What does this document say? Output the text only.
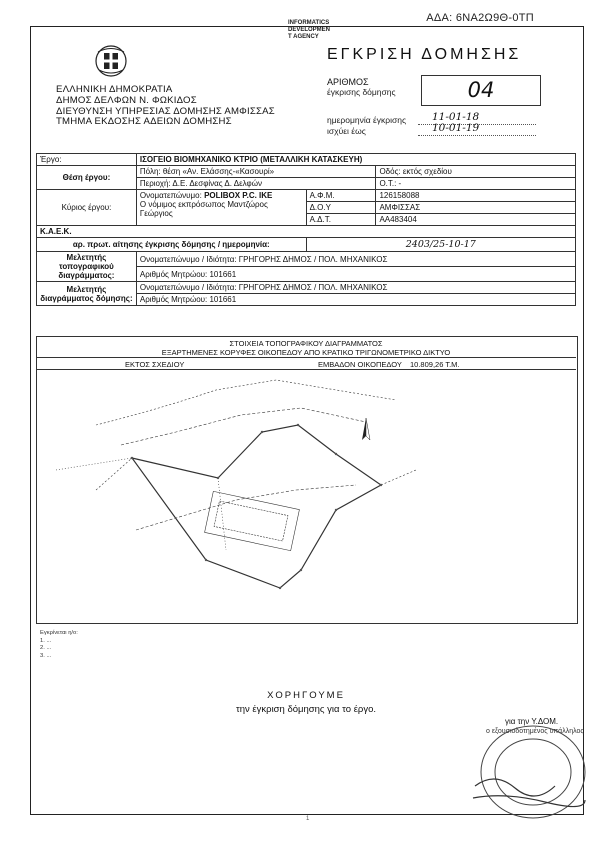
ΑΔΑ: 6ΝΑ2Ω9Θ-0ΤΠ
INFORMATICS
DEVELOPMEN
T AGENCY
ΕΛΛΗΝΙΚΗ ΔΗΜΟΚΡΑΤΙΑ
ΔΗΜΟΣ ΔΕΛΦΩΝ Ν. ΦΩΚΙΔΟΣ
ΔΙΕΥΘΥΝΣΗ ΥΠΗΡΕΣΙΑΣ ΔΟΜΗΣΗΣ ΑΜΦΙΣΣΑΣ
ΤΜΗΜΑ ΕΚΔΟΣΗΣ ΑΔΕΙΩΝ ΔΟΜΗΣΗΣ
ΕΓΚΡΙΣΗ ΔΟΜΗΣΗΣ
ΑΡΙΘΜΟΣ
έγκρισης δόμησης	04
ημερομηνία έγκρισης 11-01-18
ισχύει έως	10-01-19
Έργο:	ΙΣΟΓΕΙΟ ΒΙΟΜΗΧΑΝΙΚΟ ΚΤΡΙΟ (ΜΕΤΑΛΛΙΚΗ ΚΑΤΑΣΚΕΥΗ)		
Θέση έργου:	Πόλη: θέση «Αν. Ελάσσης-«Κασουρί»		Οδός: εκτός σχεδίου
	Περιοχή: Δ.Ε. Δεσφίνας Δ. Δελφών		Ο.Τ.: -
Κύριος έργου:	Ονοματεπώνυμο: POLIBOX P.C. IKE
Ο νόμιμος εκπρόσωπος Μαντζώρος Γεώργιος	Α.Φ.Μ.	126158088
		Δ.Ο.Υ	ΑΜΦΙΣΣΑΣ
		Α.Δ.Τ.	ΑΑ483404
Κ.Α.Ε.Κ.			
αρ. πρωτ. αίτησης έγκρισης δόμησης / ημερομηνία:		2403/25-10-17	
Μελετητής τοπογραφικού διαγράμματος:	Ονοματεπώνυμο / Ιδιότητα: ΓΡΗΓΟΡΗΣ ΔΗΜΟΣ / ΠΟΛ. ΜΗΧΑΝΙΚΟΣ		
	Αριθμός Μητρώου: 101661		
Μελετητής διαγράμματος δόμησης:	Ονοματεπώνυμο / Ιδιότητα: ΓΡΗΓΟΡΗΣ ΔΗΜΟΣ / ΠΟΛ. ΜΗΧΑΝΙΚΟΣ		
	Αριθμός Μητρώου: 101661		
ΣΤΟΙΧΕΙΑ ΤΟΠΟΓΡΑΦΙΚΟΥ ΔΙΑΓΡΑΜΜΑΤΟΣ
ΕΞΑΡΤΗΜΕΝΕΣ ΚΟΡΥΦΕΣ ΟΙΚΟΠΕΔΟΥ ΑΠΟ ΚΡΑΤΙΚΟ ΤΡΙΓΩΝΟΜΕΤΡΙΚΟ ΔΙΚΤΥΟ
ΕΚΤΟΣ ΣΧΕΔΙΟΥ	ΕΜΒΑΔΟΝ ΟΙΚΟΠΕΔΟΥ 10.809,26 Τ.Μ.
Εγκρίνεται η/ο:
1. ...
2. ...
3. ...
ΧΟΡΗΓΟΥΜΕ
την έγκριση δόμησης για το έργο.
για την Υ.ΔΟΜ.
ο εξουσιοδοτημένος υπάλληλος
1
